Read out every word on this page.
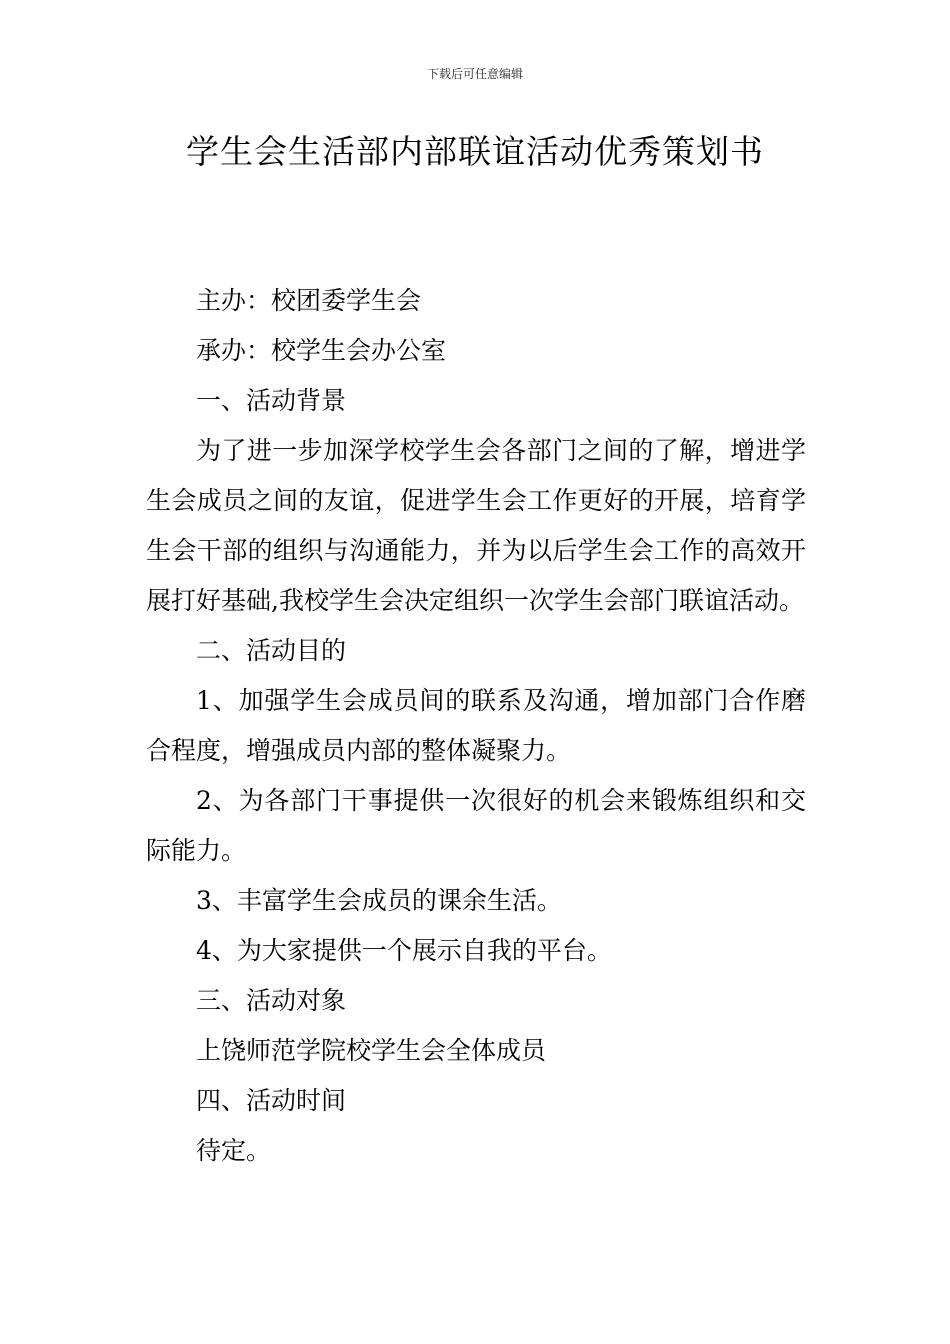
下载后可任意编辑
学生会生活部内部联谊活动优秀策划书

主办：校团委学生会

承办：校学生会办公室

一、活动背景

为了进一步加深学校学生会各部门之间的了解，增进学生会成员之间的友谊，促进学生会工作更好的开展，培育学生会干部的组织与沟通能力，并为以后学生会工作的高效开展打好基础,我校学生会决定组织一次学生会部门联谊活动。

二、活动目的

1、加强学生会成员间的联系及沟通，增加部门合作磨合程度，增强成员内部的整体凝聚力。

2、为各部门干事提供一次很好的机会来锻炼组织和交际能力。

3、丰富学生会成员的课余生活。

4、为大家提供一个展示自我的平台。

三、活动对象

上饶师范学院校学生会全体成员

四、活动时间

待定。
